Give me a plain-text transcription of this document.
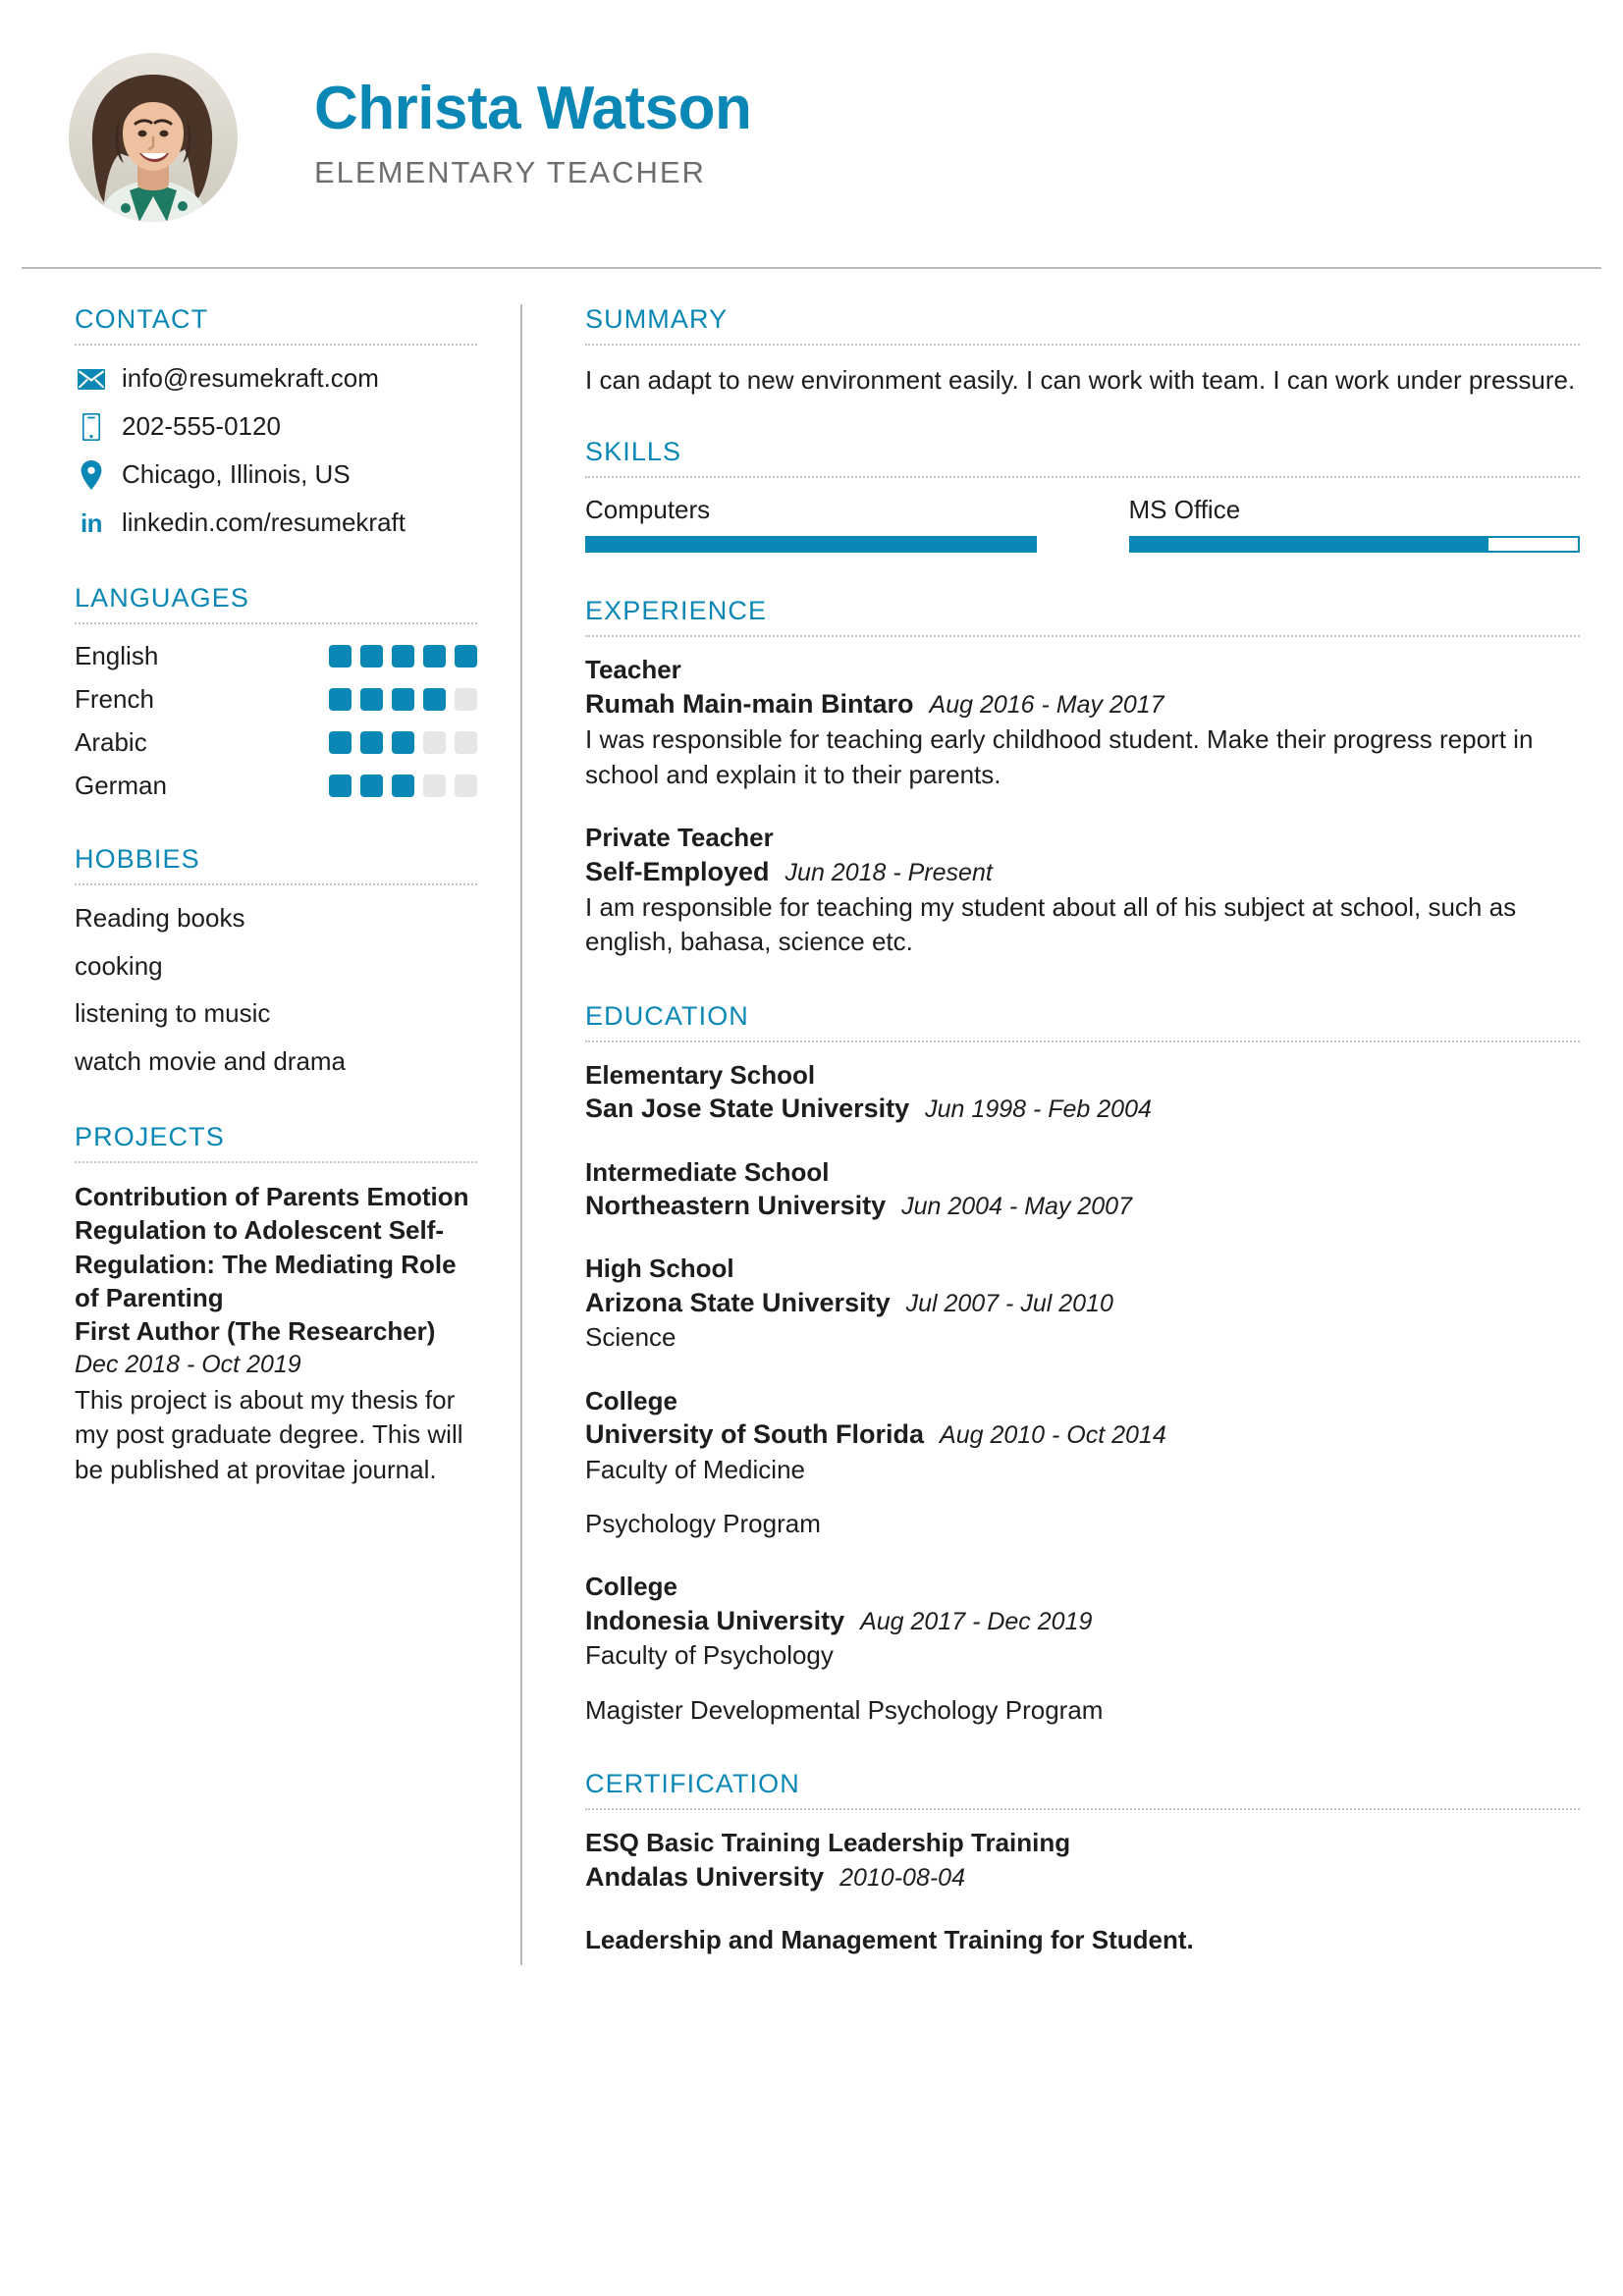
Christa Watson
ELEMENTARY TEACHER
CONTACT
info@resumekraft.com
202-555-0120
Chicago, Illinois, US
in linkedin.com/resumekraft
LANGUAGES
English
French
Arabic
German
HOBBIES
Reading books
cooking
listening to music
watch movie and drama
PROJECTS
Contribution of Parents Emotion Regulation to Adolescent Self-Regulation: The Mediating Role of Parenting
First Author (The Researcher)
Dec 2018 - Oct 2019
This project is about my thesis for my post graduate degree. This will be published at provitae journal.
SUMMARY
I can adapt to new environment easily. I can work with team. I can work under pressure.
SKILLS
Computers	MS Office
EXPERIENCE
Teacher
Rumah Main-main Bintaro Aug 2016 - May 2017
I was responsible for teaching early childhood student. Make their progress report in school and explain it to their parents.
Private Teacher
Self-Employed Jun 2018 - Present
I am responsible for teaching my student about all of his subject at school, such as english, bahasa, science etc.
EDUCATION
Elementary School
San Jose State University Jun 1998 - Feb 2004
Intermediate School
Northeastern University Jun 2004 - May 2007
High School
Arizona State University Jul 2007 - Jul 2010
Science
College
University of South Florida Aug 2010 - Oct 2014
Faculty of Medicine
Psychology Program
College
Indonesia University Aug 2017 - Dec 2019
Faculty of Psychology
Magister Developmental Psychology Program
CERTIFICATION
ESQ Basic Training Leadership Training
Andalas University 2010-08-04
Leadership and Management Training for Student.
